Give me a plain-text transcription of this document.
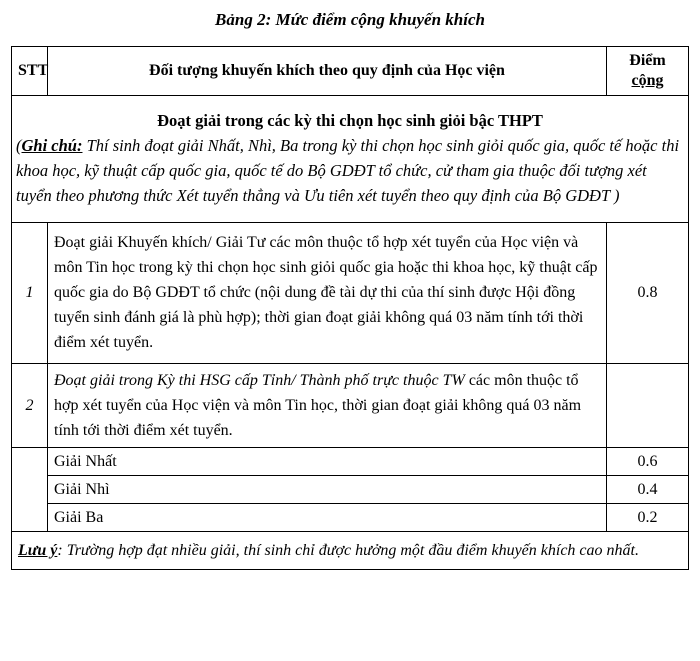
Bảng 2: Mức điểm cộng khuyến khích
STT	Đối tượng khuyến khích theo quy định của Học viện	Điểm
cộng

Đoạt giải trong các kỳ thi chọn học sinh giỏi bậc THPT
(Ghi chú: Thí sinh đoạt giải Nhất, Nhì, Ba trong kỳ thi chọn học sinh giỏi quốc gia, quốc tế hoặc thi khoa học, kỹ thuật cấp quốc gia, quốc tế do Bộ GDĐT tổ chức, cử tham gia thuộc đối tượng xét tuyển theo phương thức Xét tuyển thẳng và Ưu tiên xét tuyển theo quy định của Bộ GDĐT )		

1	Đoạt giải Khuyến khích/ Giải Tư các môn thuộc tổ hợp xét tuyển của Học viện và môn Tin học trong kỳ thi chọn học sinh giỏi quốc gia hoặc thi khoa học, kỹ thuật cấp quốc gia do Bộ GDĐT tổ chức (nội dung đề tài dự thi của thí sinh được Hội đồng tuyển sinh đánh giá là phù hợp); thời gian đoạt giải không quá 03 năm tính tới thời điểm xét tuyển.	0.8
2	Đoạt giải trong Kỳ thi HSG cấp Tỉnh/ Thành phố trực thuộc TW các môn thuộc tổ hợp xét tuyển của Học viện và môn Tin học, thời gian đoạt giải không quá 03 năm tính tới thời điểm xét tuyển.	
	Giải Nhất	0.6
	Giải Nhì	0.4
	Giải Ba	0.2
Lưu ý: Trường hợp đạt nhiều giải, thí sinh chỉ được hưởng một đầu điểm khuyến khích cao nhất.		
